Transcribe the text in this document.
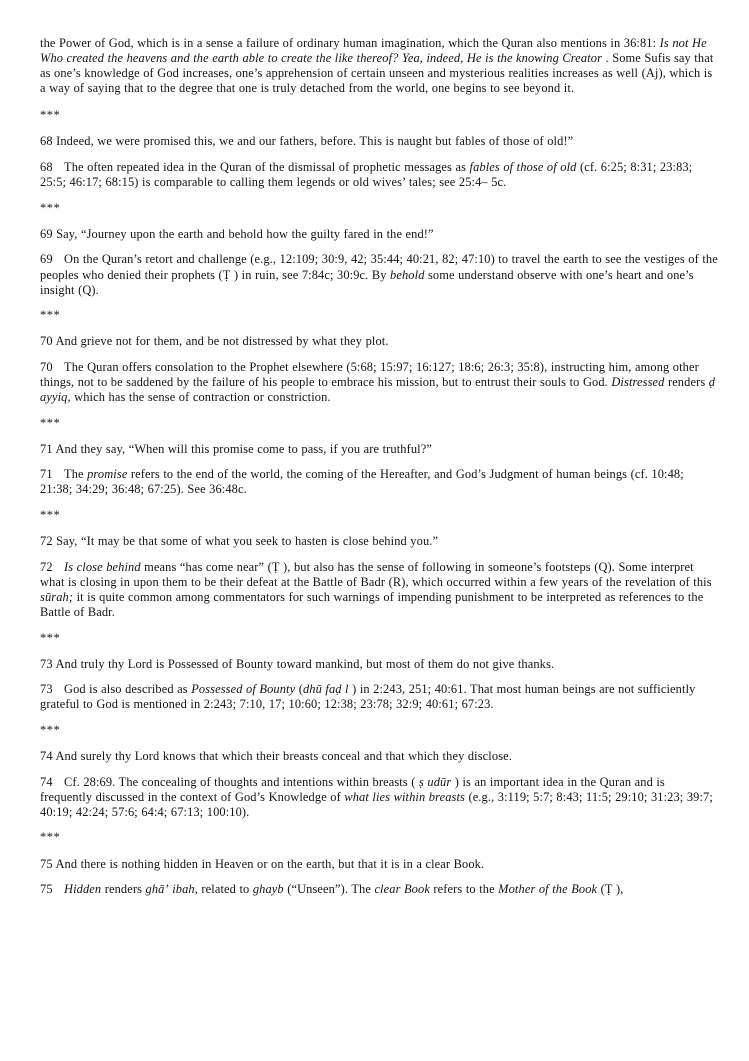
the Power of God, which is in a sense a failure of ordinary human imagination, which the Quran also mentions in 36:81: Is not He Who created the heavens and the earth able to create the like thereof? Yea, indeed, He is the knowing Creator . Some Sufis say that as one’s knowledge of God increases, one’s apprehension of certain unseen and mysterious realities increases as well (Aj), which is a way of saying that to the degree that one is truly detached from the world, one begins to see beyond it.
***
68 Indeed, we were promised this, we and our fathers, before. This is naught but fables of those of old!”
68 The often repeated idea in the Quran of the dismissal of prophetic messages as fables of those of old (cf. 6:25; 8:31; 23:83; 25:5; 46:17; 68:15) is comparable to calling them legends or old wives’ tales; see 25:4– 5c.
***
69 Say, “Journey upon the earth and behold how the guilty fared in the end!”
69 On the Quran’s retort and challenge (e.g., 12:109; 30:9, 42; 35:44; 40:21, 82; 47:10) to travel the earth to see the vestiges of the peoples who denied their prophets (Ṭ ) in ruin, see 7:84c; 30:9c. By behold some understand observe with one’s heart and one’s insight (Q).
***
70 And grieve not for them, and be not distressed by what they plot.
70 The Quran offers consolation to the Prophet elsewhere (5:68; 15:97; 16:127; 18:6; 26:3; 35:8), instructing him, among other things, not to be saddened by the failure of his people to embrace his mission, but to entrust their souls to God. Distressed renders ḍ ayyiq, which has the sense of contraction or constriction.
***
71 And they say, “When will this promise come to pass, if you are truthful?”
71 The promise refers to the end of the world, the coming of the Hereafter, and God’s Judgment of human beings (cf. 10:48; 21:38; 34:29; 36:48; 67:25). See 36:48c.
***
72 Say, “It may be that some of what you seek to hasten is close behind you.”
72 Is close behind means “has come near” (Ṭ ), but also has the sense of following in someone’s footsteps (Q). Some interpret what is closing in upon them to be their defeat at the Battle of Badr (R), which occurred within a few years of the revelation of this sūrah; it is quite common among commentators for such warnings of impending punishment to be interpreted as references to the Battle of Badr.
***
73 And truly thy Lord is Possessed of Bounty toward mankind, but most of them do not give thanks.
73 God is also described as Possessed of Bounty (dhū faḍ l ) in 2:243, 251; 40:61. That most human beings are not sufficiently grateful to God is mentioned in 2:243; 7:10, 17; 10:60; 12:38; 23:78; 32:9; 40:61; 67:23.
***
74 And surely thy Lord knows that which their breasts conceal and that which they disclose.
74 Cf. 28:69. The concealing of thoughts and intentions within breasts ( ṣ udūr ) is an important idea in the Quran and is frequently discussed in the context of God’s Knowledge of what lies within breasts (e.g., 3:119; 5:7; 8:43; 11:5; 29:10; 31:23; 39:7; 40:19; 42:24; 57:6; 64:4; 67:13; 100:10).
***
75 And there is nothing hidden in Heaven or on the earth, but that it is in a clear Book.
75 Hidden renders ghāʼ ibah, related to ghayb (“Unseen”). The clear Book refers to the Mother of the Book (Ṭ ),
